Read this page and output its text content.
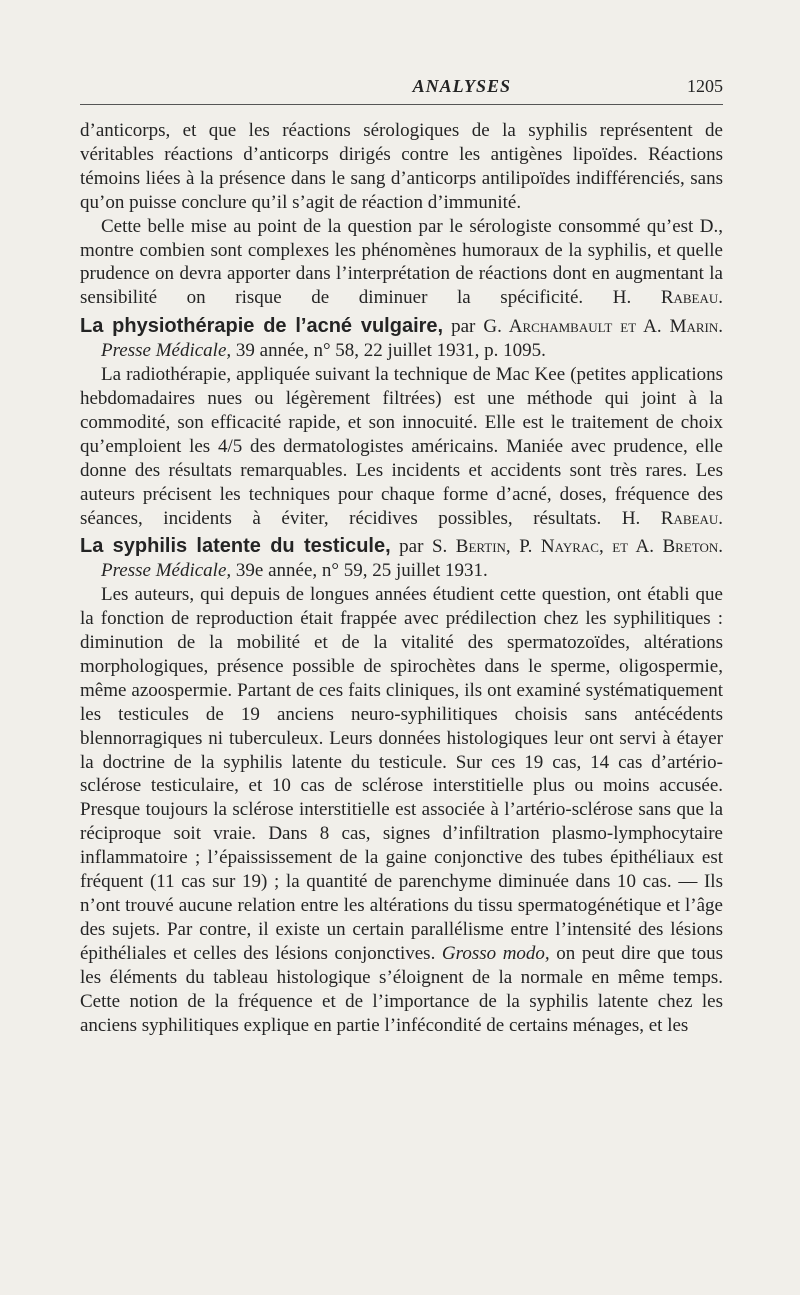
ANALYSES	1205

d’anticorps, et que les réactions sérologiques de la syphilis représentent de véritables réactions d’anticorps dirigés contre les antigènes lipoïdes. Réactions témoins liées à la présence dans le sang d’anticorps antilipoïdes indifférenciés, sans qu’on puisse conclure qu’il s’agit de réaction d’immunité.

Cette belle mise au point de la question par le sérologiste consommé qu’est D., montre combien sont complexes les phénomènes humoraux de la syphilis, et quelle prudence on devra apporter dans l’interprétation de réactions dont en augmentant la sensibilité on risque de diminuer la spécificité. H. Rabeau.

La physiothérapie de l’acné vulgaire, par G. Archambault et A. Marin. Presse Médicale, 39 année, n° 58, 22 juillet 1931, p. 1095.

La radiothérapie, appliquée suivant la technique de Mac Kee (petites applications hebdomadaires nues ou légèrement filtrées) est une méthode qui joint à la commodité, son efficacité rapide, et son innocuité. Elle est le traitement de choix qu’emploient les 4/5 des dermatologistes américains. Maniée avec prudence, elle donne des résultats remarquables. Les incidents et accidents sont très rares. Les auteurs précisent les techniques pour chaque forme d’acné, doses, fréquence des séances, incidents à éviter, récidives possibles, résultats. H. Rabeau.

La syphilis latente du testicule, par S. Bertin, P. Nayrac, et A. Breton. Presse Médicale, 39e année, n° 59, 25 juillet 1931.

Les auteurs, qui depuis de longues années étudient cette question, ont établi que la fonction de reproduction était frappée avec prédilection chez les syphilitiques : diminution de la mobilité et de la vitalité des spermatozoïdes, altérations morphologiques, présence possible de spirochètes dans le sperme, oligospermie, même azoospermie. Partant de ces faits cliniques, ils ont examiné systématiquement les testicules de 19 anciens neuro-syphilitiques choisis sans antécédents blennorragiques ni tuberculeux. Leurs données histologiques leur ont servi à étayer la doctrine de la syphilis latente du testicule. Sur ces 19 cas, 14 cas d’artério-sclérose testiculaire, et 10 cas de sclérose interstitielle plus ou moins accusée. Presque toujours la sclérose interstitielle est associée à l’artério-sclérose sans que la réciproque soit vraie. Dans 8 cas, signes d’infiltration plasmo-lymphocytaire inflammatoire ; l’épaississement de la gaine conjonctive des tubes épithéliaux est fréquent (11 cas sur 19) ; la quantité de parenchyme diminuée dans 10 cas. — Ils n’ont trouvé aucune relation entre les altérations du tissu spermatogénétique et l’âge des sujets. Par contre, il existe un certain parallélisme entre l’intensité des lésions épithéliales et celles des lésions conjonctives. Grosso modo, on peut dire que tous les éléments du tableau histologique s’éloignent de la normale en même temps. Cette notion de la fréquence et de l’importance de la syphilis latente chez les anciens syphilitiques explique en partie l’infécondité de certains ménages, et les
